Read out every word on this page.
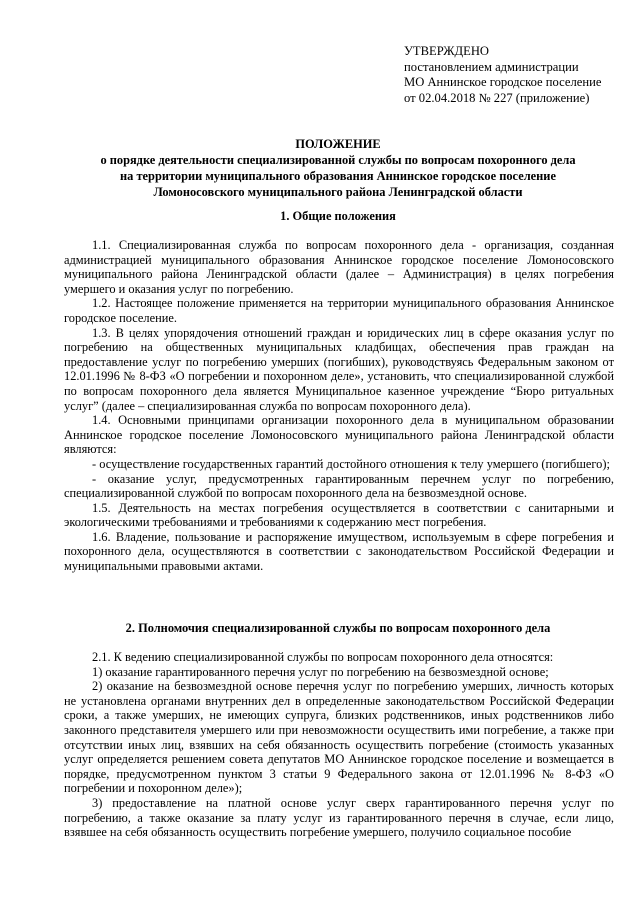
УТВЕРЖДЕНО
постановлением администрации
МО Аннинское городское поселение
от 02.04.2018 № 227 (приложение)
ПОЛОЖЕНИЕ
о порядке деятельности специализированной службы по вопросам похоронного дела
на территории муниципального образования Аннинское городское поселение
Ломоносовского муниципального района Ленинградской области
1. Общие положения

1.1. Специализированная служба по вопросам похоронного дела - организация, созданная администрацией муниципального образования Аннинское городское поселение Ломоносовского муниципального района Ленинградской области (далее – Администрация) в целях погребения умершего и оказания услуг по погребению.

1.2. Настоящее положение применяется на территории муниципального образования Аннинское городское поселение.

1.3. В целях упорядочения отношений граждан и юридических лиц в сфере оказания услуг по погребению на общественных муниципальных кладбищах, обеспечения прав граждан на предоставление услуг по погребению умерших (погибших), руководствуясь Федеральным законом от 12.01.1996 № 8-ФЗ «О погребении и похоронном деле», установить, что специализированной службой по вопросам похоронного дела является Муниципальное казенное учреждение “Бюро ритуальных услуг” (далее – специализированная служба по вопросам похоронного дела).

1.4. Основными принципами организации похоронного дела в муниципальном образовании Аннинское городское поселение Ломоносовского муниципального района Ленинградской области являются:

- осуществление государственных гарантий достойного отношения к телу умершего (погибшего);

- оказание услуг, предусмотренных гарантированным перечнем услуг по погребению, специализированной службой по вопросам похоронного дела на безвозмездной основе.

1.5. Деятельность на местах погребения осуществляется в соответствии с санитарными и экологическими требованиями и требованиями к содержанию мест погребения.

1.6. Владение, пользование и распоряжение имуществом, используемым в сфере погребения и похоронного дела, осуществляются в соответствии с законодательством Российской Федерации и муниципальными правовыми актами.

2. Полномочия специализированной службы по вопросам похоронного дела

2.1. К ведению специализированной службы по вопросам похоронного дела относятся:

1) оказание гарантированного перечня услуг по погребению на безвозмездной основе;

2) оказание на безвозмездной основе перечня услуг по погребению умерших, личность которых не установлена органами внутренних дел в определенные законодательством Российской Федерации сроки, а также умерших, не имеющих супруга, близких родственников, иных родственников либо законного представителя умершего или при невозможности осуществить ими погребение, а также при отсутствии иных лиц, взявших на себя обязанность осуществить погребение (стоимость указанных услуг определяется решением совета депутатов МО Аннинское городское поселение и возмещается в порядке, предусмотренном пунктом 3 статьи 9 Федерального закона от 12.01.1996 № 8-ФЗ «О погребении и похоронном деле»);

3) предоставление на платной основе услуг сверх гарантированного перечня услуг по погребению, а также оказание за плату услуг из гарантированного перечня в случае, если лицо, взявшее на себя обязанность осуществить погребение умершего, получило социальное пособие
